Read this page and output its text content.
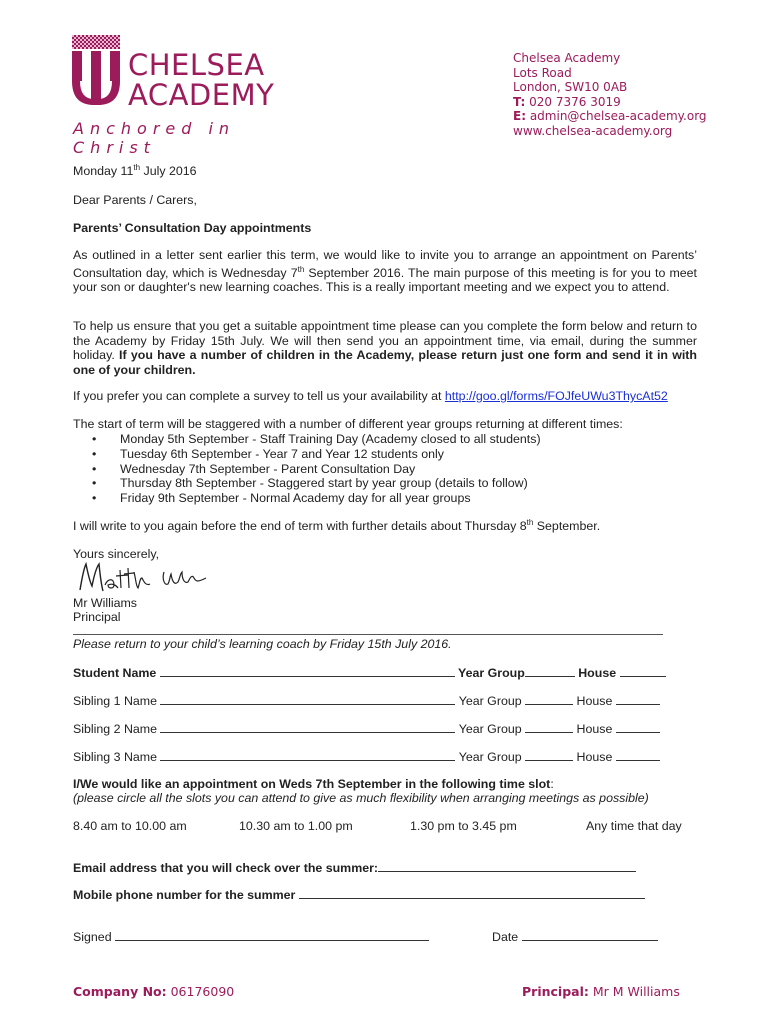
CHELSEA
ACADEMY
Anchored in Christ
Chelsea Academy
Lots Road
London, SW10 0AB
T: 020 7376 3019
E: admin@chelsea-academy.org
www.chelsea-academy.org
Monday 11th July 2016
Dear Parents / Carers,
Parents’ Consultation Day appointments

As outlined in a letter sent earlier this term, we would like to invite you to arrange an appointment on Parents’ Consultation day, which is Wednesday 7th September 2016. The main purpose of this meeting is for you to meet your son or daughter's new learning coaches. This is a really important meeting and we expect you to attend.

To help us ensure that you get a suitable appointment time please can you complete the form below and return to the Academy by Friday 15th July. We will then send you an appointment time, via email, during the summer holiday. If you have a number of children in the Academy, please return just one form and send it in with one of your children.

If you prefer you can complete a survey to tell us your availability at http://goo.gl/forms/FOJfeUWu3ThycAt52
The start of term will be staggered with a number of different year groups returning at different times:
• Monday 5th September - Staff Training Day (Academy closed to all students)
• Tuesday 6th September - Year 7 and Year 12 students only
• Wednesday 7th September - Parent Consultation Day
• Thursday 8th September - Staggered start by year group (details to follow)
• Friday 9th September - Normal Academy day for all year groups
I will write to you again before the end of term with further details about Thursday 8th September.
Yours sincerely,
Mr Williams
Principal
Please return to your child’s learning coach by Friday 15th July 2016.
Student Name	Year Group	House
Sibling 1 Name	Year Group	House
Sibling 2 Name	Year Group	House
Sibling 3 Name	Year Group	House
I/We would like an appointment on Weds 7th September in the following time slot:
(please circle all the slots you can attend to give as much flexibility when arranging meetings as possible)
8.40 am to 10.00 am	10.30 am to 1.00 pm	1.30 pm to 3.45 pm	Any time that day
Email address that you will check over the summer:
Mobile phone number for the summer
Signed	Date
Company No: 06176090	Principal: Mr M Williams
